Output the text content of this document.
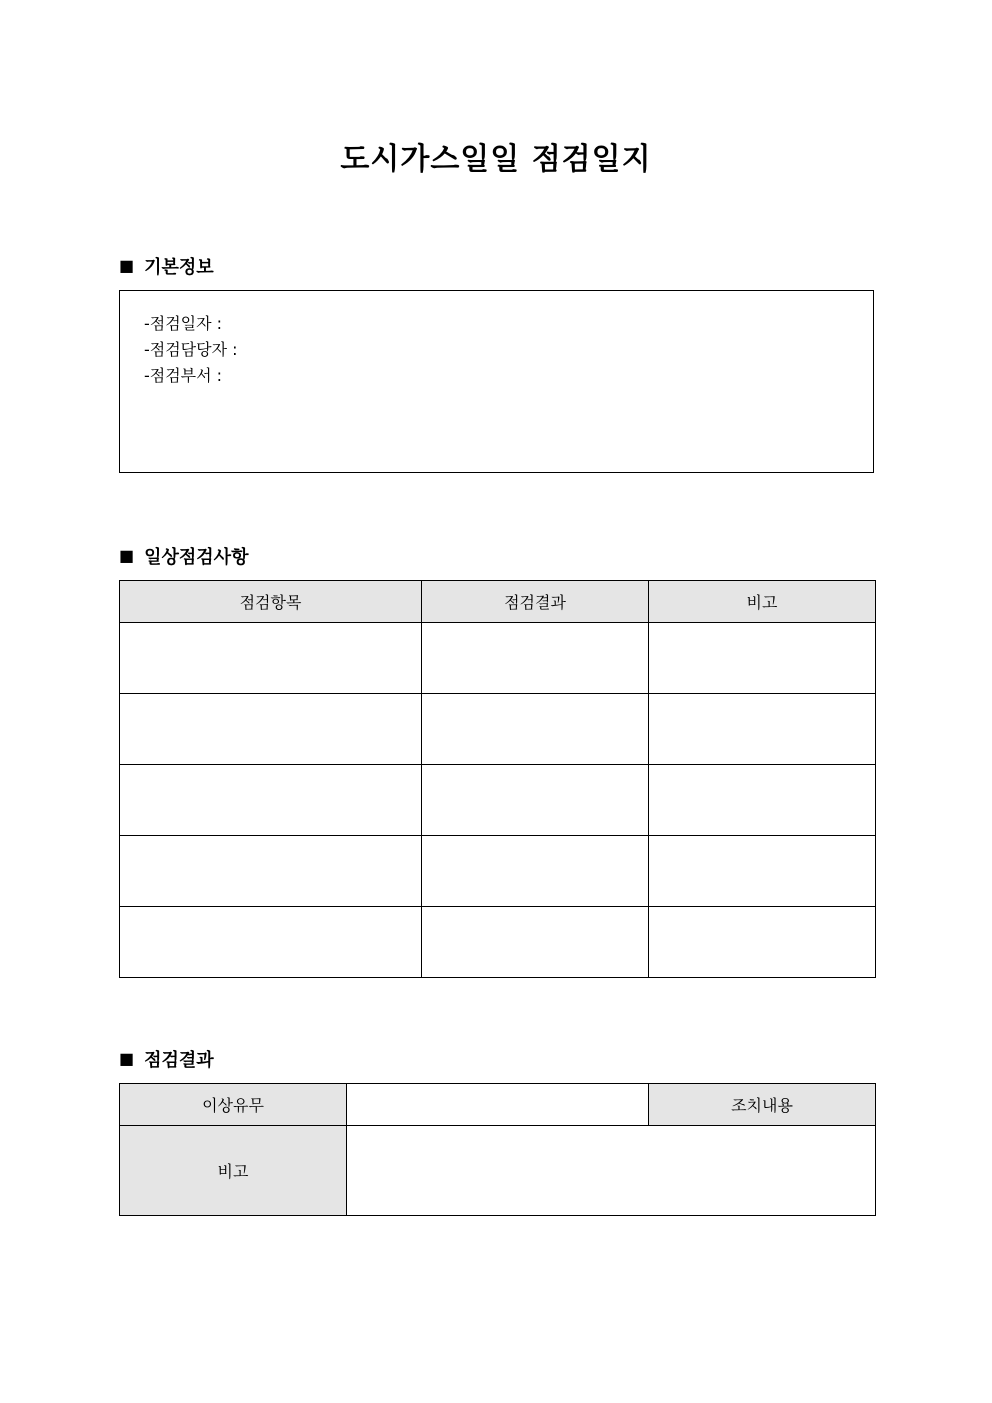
도시가스일일 점검일지
■ 기본정보
-점검일자 :
-점검담당자 :
-점검부서 :
■ 일상점검사항
점검항목	점검결과	비고

■ 점검결과
이상유무		조치내용
비고		
